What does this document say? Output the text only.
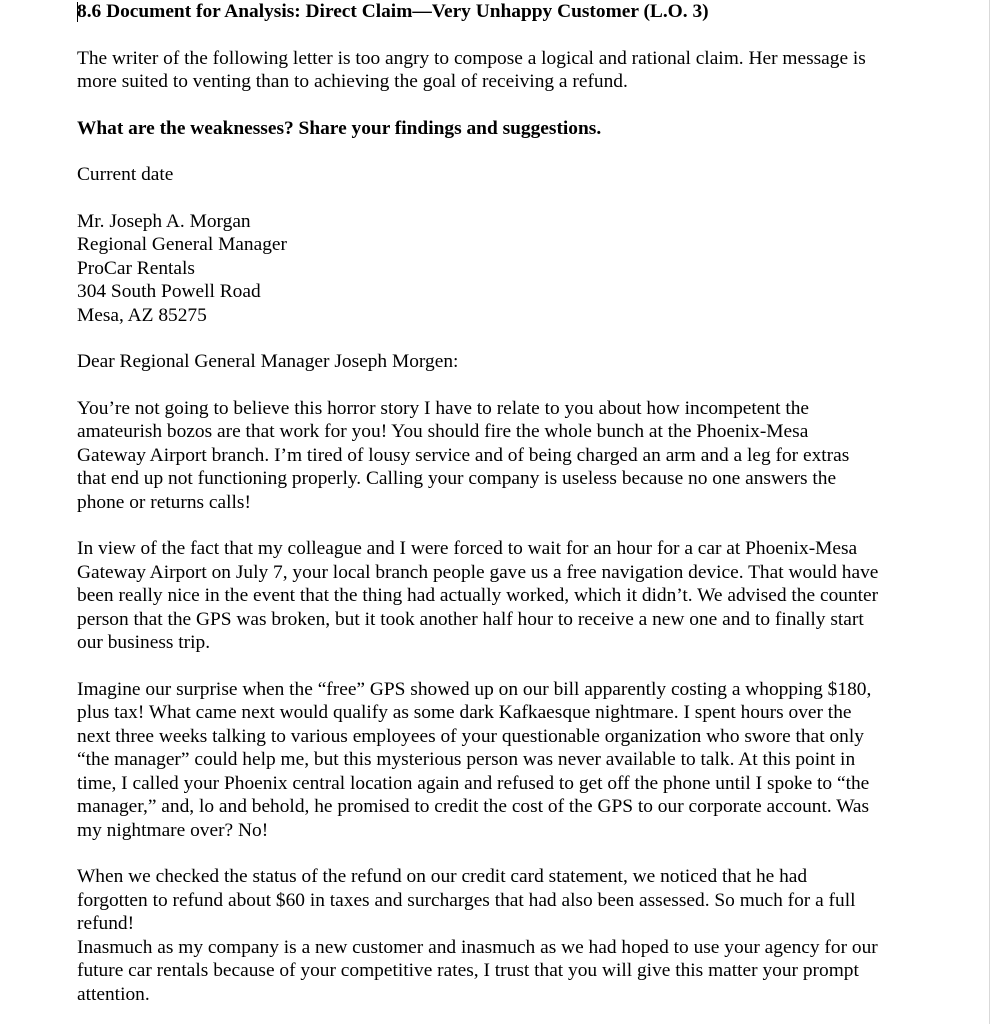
8.6 Document for Analysis: Direct Claim—Very Unhappy Customer (L.O. 3)

The writer of the following letter is too angry to compose a logical and rational claim. Her message is more suited to venting than to achieving the goal of receiving a refund.

What are the weaknesses? Share your findings and suggestions.

Current date

Mr. Joseph A. Morgan
Regional General Manager
ProCar Rentals
304 South Powell Road
Mesa, AZ 85275

Dear Regional General Manager Joseph Morgen:

You’re not going to believe this horror story I have to relate to you about how incompetent the amateurish bozos are that work for you! You should fire the whole bunch at the Phoenix-Mesa Gateway Airport branch. I’m tired of lousy service and of being charged an arm and a leg for extras that end up not functioning properly. Calling your company is useless because no one answers the phone or returns calls!

In view of the fact that my colleague and I were forced to wait for an hour for a car at Phoenix-Mesa Gateway Airport on July 7, your local branch people gave us a free navigation device. That would have been really nice in the event that the thing had actually worked, which it didn’t. We advised the counter person that the GPS was broken, but it took another half hour to receive a new one and to finally start our business trip.

Imagine our surprise when the “free” GPS showed up on our bill apparently costing a whopping $180, plus tax! What came next would qualify as some dark Kafkaesque nightmare. I spent hours over the next three weeks talking to various employees of your questionable organization who swore that only “the manager” could help me, but this mysterious person was never available to talk. At this point in time, I called your Phoenix central location again and refused to get off the phone until I spoke to “the manager,” and, lo and behold, he promised to credit the cost of the GPS to our corporate account. Was my nightmare over? No!

When we checked the status of the refund on our credit card statement, we noticed that he had forgotten to refund about $60 in taxes and surcharges that had also been assessed. So much for a full refund!

Inasmuch as my company is a new customer and inasmuch as we had hoped to use your agency for our future car rentals because of your competitive rates, I trust that you will give this matter your prompt attention.
